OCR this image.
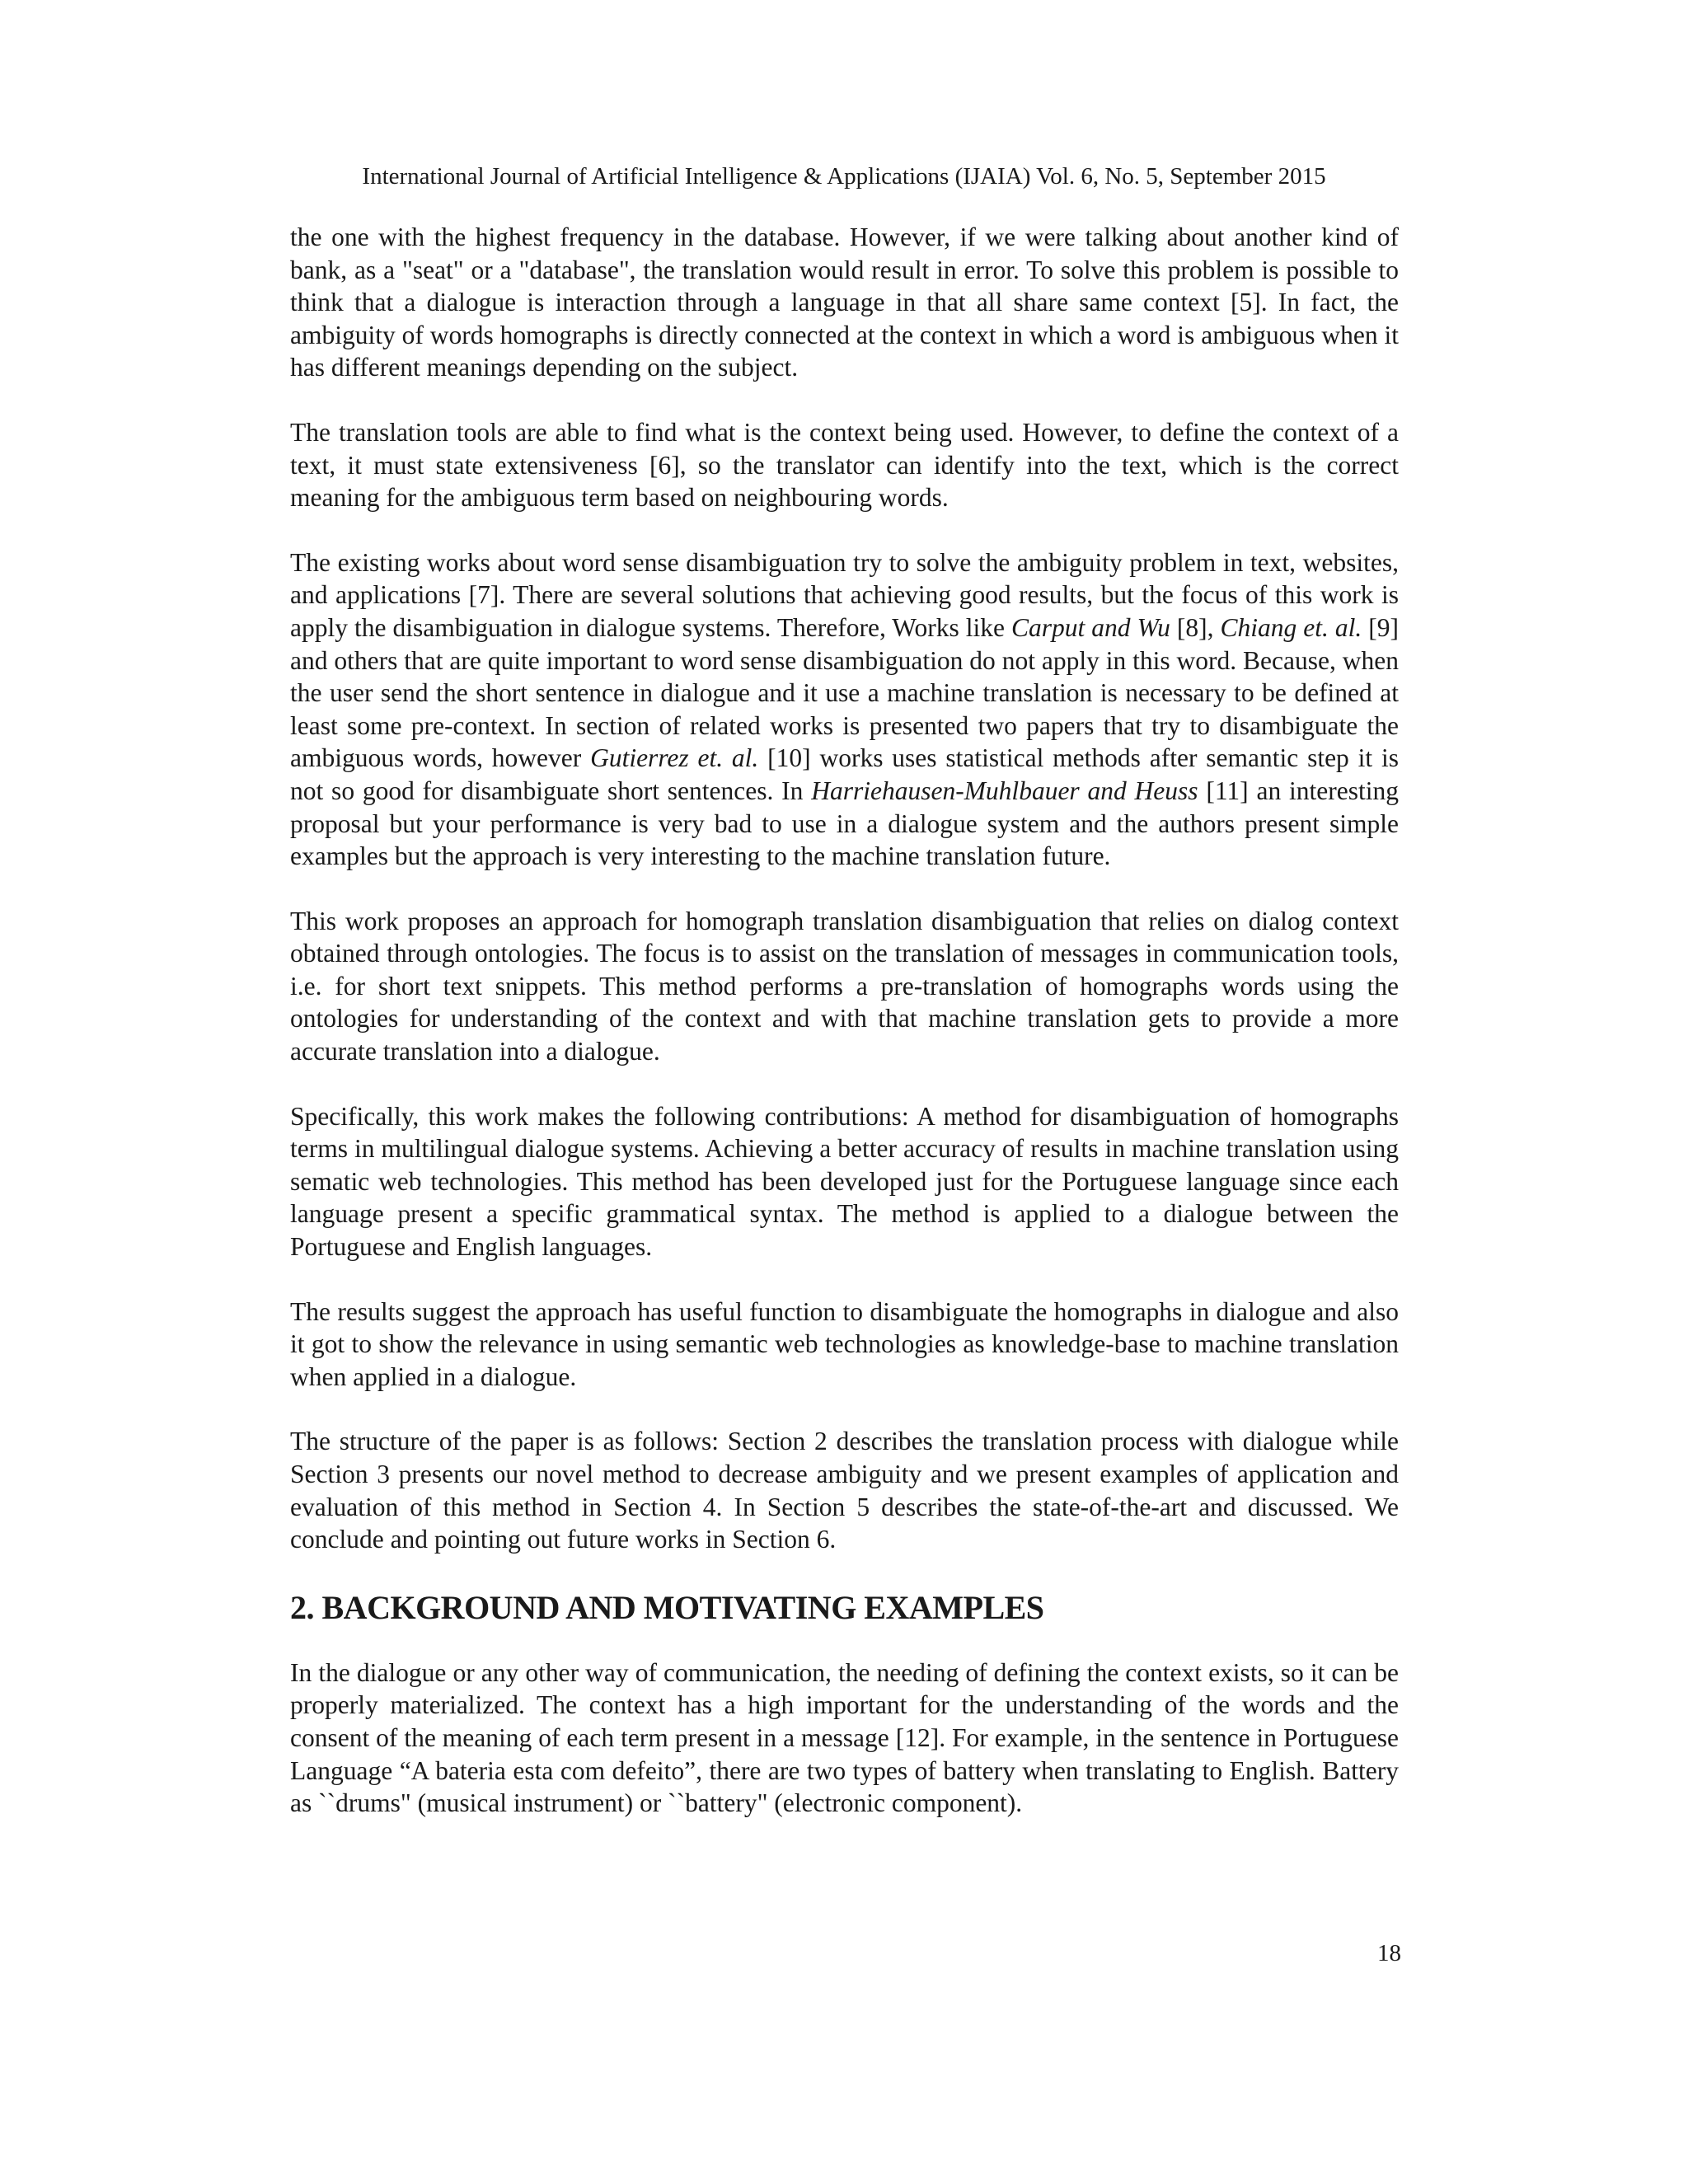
International Journal of Artificial Intelligence & Applications (IJAIA) Vol. 6, No. 5, September 2015

the one with the highest frequency in the database. However, if we were talking about another kind of bank, as a "seat" or a "database", the translation would result in error. To solve this problem is possible to think that a dialogue is interaction through a language in that all share same context [5]. In fact, the ambiguity of words homographs is directly connected at the context in which a word is ambiguous when it has different meanings depending on the subject.

The translation tools are able to find what is the context being used. However, to define the context of a text, it must state extensiveness [6], so the translator can identify into the text, which is the correct meaning for the ambiguous term based on neighbouring words.

The existing works about word sense disambiguation try to solve the ambiguity problem in text, websites, and applications [7]. There are several solutions that achieving good results, but the focus of this work is apply the disambiguation in dialogue systems. Therefore, Works like Carput and Wu [8], Chiang et. al. [9] and others that are quite important to word sense disambiguation do not apply in this word. Because, when the user send the short sentence in dialogue and it use a machine translation is necessary to be defined at least some pre-context. In section of related works is presented two papers that try to disambiguate the ambiguous words, however Gutierrez et. al. [10] works uses statistical methods after semantic step it is not so good for disambiguate short sentences. In Harriehausen-Muhlbauer and Heuss [11] an interesting proposal but your performance is very bad to use in a dialogue system and the authors present simple examples but the approach is very interesting to the machine translation future.

This work proposes an approach for homograph translation disambiguation that relies on dialog context obtained through ontologies. The focus is to assist on the translation of messages in communication tools, i.e. for short text snippets. This method performs a pre-translation of homographs words using the ontologies for understanding of the context and with that machine translation gets to provide a more accurate translation into a dialogue.

Specifically, this work makes the following contributions: A method for disambiguation of homographs terms in multilingual dialogue systems. Achieving a better accuracy of results in machine translation using sematic web technologies. This method has been developed just for the Portuguese language since each language present a specific grammatical syntax. The method is applied to a dialogue between the Portuguese and English languages.

The results suggest the approach has useful function to disambiguate the homographs in dialogue and also it got to show the relevance in using semantic web technologies as knowledge-base to machine translation when applied in a dialogue.

The structure of the paper is as follows: Section 2 describes the translation process with dialogue while Section 3 presents our novel method to decrease ambiguity and we present examples of application and evaluation of this method in Section 4. In Section 5 describes the state-of-the-art and discussed. We conclude and pointing out future works in Section 6.

2. BACKGROUND AND MOTIVATING EXAMPLES

In the dialogue or any other way of communication, the needing of defining the context exists, so it can be properly materialized. The context has a high important for the understanding of the words and the consent of the meaning of each term present in a message [12]. For example, in the sentence in Portuguese Language “A bateria esta com defeito”, there are two types of battery when translating to English. Battery as ``drums" (musical instrument) or ``battery" (electronic component).

18
